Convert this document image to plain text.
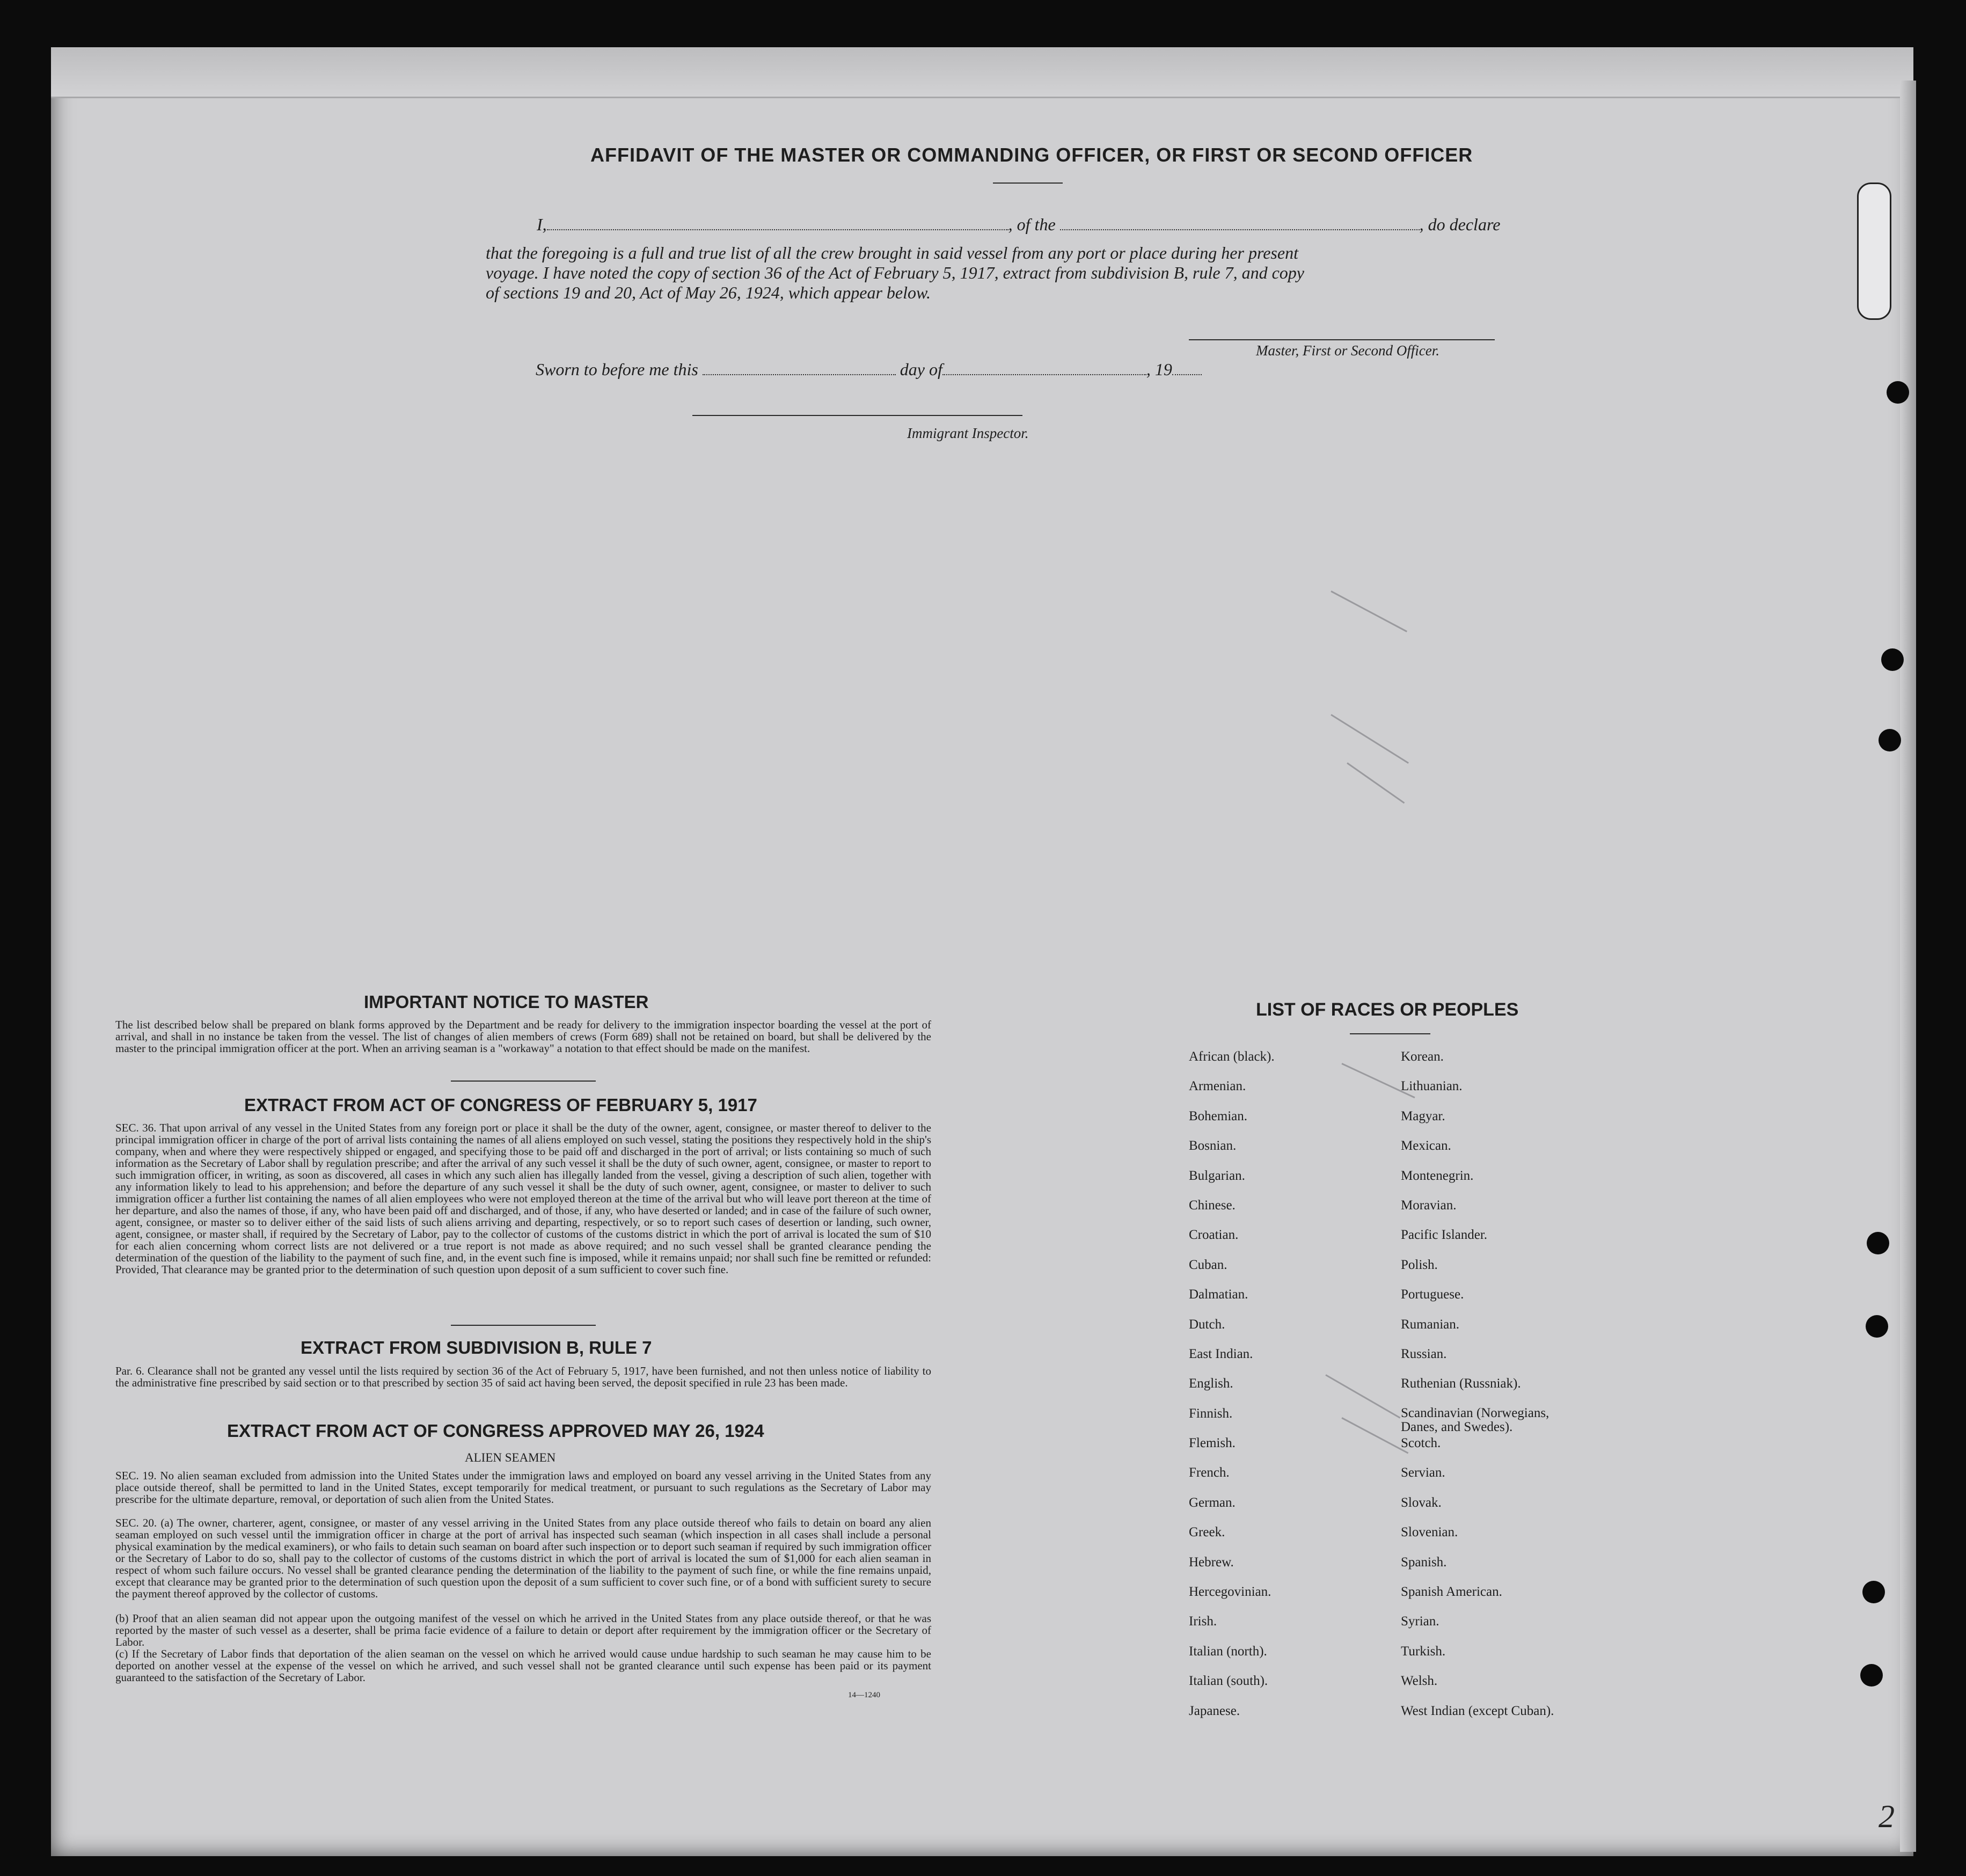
AFFIDAVIT OF THE MASTER OR COMMANDING OFFICER, OR FIRST OR SECOND OFFICER
I,	, of the	, do declare
that the foregoing is a full and true list of all the crew brought in said vessel from any port or place during her present
voyage. I have noted the copy of section 36 of the Act of February 5, 1917, extract from subdivision B, rule 7, and copy
of sections 19 and 20, Act of May 26, 1924, which appear below.
Master, First or Second Officer.
Sworn to before me this	day of	, 19
Immigrant Inspector.
IMPORTANT NOTICE TO MASTER
The list described below shall be prepared on blank forms approved by the Department and be ready for delivery to the immigration inspector boarding the vessel at the port of arrival, and shall in no instance be taken from the vessel. The list of changes of alien members of crews (Form 689) shall not be retained on board, but shall be delivered by the master to the principal immigration officer at the port. When an arriving seaman is a "workaway" a notation to that effect should be made on the manifest.
EXTRACT FROM ACT OF CONGRESS OF FEBRUARY 5, 1917
SEC. 36. That upon arrival of any vessel in the United States from any foreign port or place it shall be the duty of the owner, agent, consignee, or master thereof to deliver to the principal immigration officer in charge of the port of arrival lists containing the names of all aliens employed on such vessel, stating the positions they respectively hold in the ship's company, when and where they were respectively shipped or engaged, and specifying those to be paid off and discharged in the port of arrival; or lists containing so much of such information as the Secretary of Labor shall by regulation prescribe; and after the arrival of any such vessel it shall be the duty of such owner, agent, consignee, or master to report to such immigration officer, in writing, as soon as discovered, all cases in which any such alien has illegally landed from the vessel, giving a description of such alien, together with any information likely to lead to his apprehension; and before the departure of any such vessel it shall be the duty of such owner, agent, consignee, or master to deliver to such immigration officer a further list containing the names of all alien employees who were not employed thereon at the time of the arrival but who will leave port thereon at the time of her departure, and also the names of those, if any, who have been paid off and discharged, and of those, if any, who have deserted or landed; and in case of the failure of such owner, agent, consignee, or master so to deliver either of the said lists of such aliens arriving and departing, respectively, or so to report such cases of desertion or landing, such owner, agent, consignee, or master shall, if required by the Secretary of Labor, pay to the collector of customs of the customs district in which the port of arrival is located the sum of $10 for each alien concerning whom correct lists are not delivered or a true report is not made as above required; and no such vessel shall be granted clearance pending the determination of the question of the liability to the payment of such fine, and, in the event such fine is imposed, while it remains unpaid; nor shall such fine be remitted or refunded: Provided, That clearance may be granted prior to the determination of such question upon deposit of a sum sufficient to cover such fine.
EXTRACT FROM SUBDIVISION B, RULE 7
Par. 6. Clearance shall not be granted any vessel until the lists required by section 36 of the Act of February 5, 1917, have been furnished, and not then unless notice of liability to the administrative fine prescribed by said section or to that prescribed by section 35 of said act having been served, the deposit specified in rule 23 has been made.
EXTRACT FROM ACT OF CONGRESS APPROVED MAY 26, 1924
ALIEN SEAMEN
SEC. 19. No alien seaman excluded from admission into the United States under the immigration laws and employed on board any vessel arriving in the United States from any place outside thereof, shall be permitted to land in the United States, except temporarily for medical treatment, or pursuant to such regulations as the Secretary of Labor may prescribe for the ultimate departure, removal, or deportation of such alien from the United States.
SEC. 20. (a) The owner, charterer, agent, consignee, or master of any vessel arriving in the United States from any place outside thereof who fails to detain on board any alien seaman employed on such vessel until the immigration officer in charge at the port of arrival has inspected such seaman (which inspection in all cases shall include a personal physical examination by the medical examiners), or who fails to detain such seaman on board after such inspection or to deport such seaman if required by such immigration officer or the Secretary of Labor to do so, shall pay to the collector of customs of the customs district in which the port of arrival is located the sum of $1,000 for each alien seaman in respect of whom such failure occurs. No vessel shall be granted clearance pending the determination of the liability to the payment of such fine, or while the fine remains unpaid, except that clearance may be granted prior to the determination of such question upon the deposit of a sum sufficient to cover such fine, or of a bond with sufficient surety to secure the payment thereof approved by the collector of customs.
(b) Proof that an alien seaman did not appear upon the outgoing manifest of the vessel on which he arrived in the United States from any place outside thereof, or that he was reported by the master of such vessel as a deserter, shall be prima facie evidence of a failure to detain or deport after requirement by the immigration officer or the Secretary of Labor.
(c) If the Secretary of Labor finds that deportation of the alien seaman on the vessel on which he arrived would cause undue hardship to such seaman he may cause him to be deported on another vessel at the expense of the vessel on which he arrived, and such vessel shall not be granted clearance until such expense has been paid or its payment guaranteed to the satisfaction of the Secretary of Labor.
14—1240
LIST OF RACES OR PEOPLES
African (black).
Armenian.
Bohemian.
Bosnian.
Bulgarian.
Chinese.
Croatian.
Cuban.
Dalmatian.
Dutch.
East Indian.
English.
Finnish.
Flemish.
French.
German.
Greek.
Hebrew.
Hercegovinian.
Irish.
Italian (north).
Italian (south).
Japanese.
Korean.
Lithuanian.
Magyar.
Mexican.
Montenegrin.
Moravian.
Pacific Islander.
Polish.
Portuguese.
Rumanian.
Russian.
Ruthenian (Russniak).
Scandinavian (Norwegians, Danes, and Swedes).
Scotch.
Servian.
Slovak.
Slovenian.
Spanish.
Spanish American.
Syrian.
Turkish.
Welsh.
West Indian (except Cuban).
2
